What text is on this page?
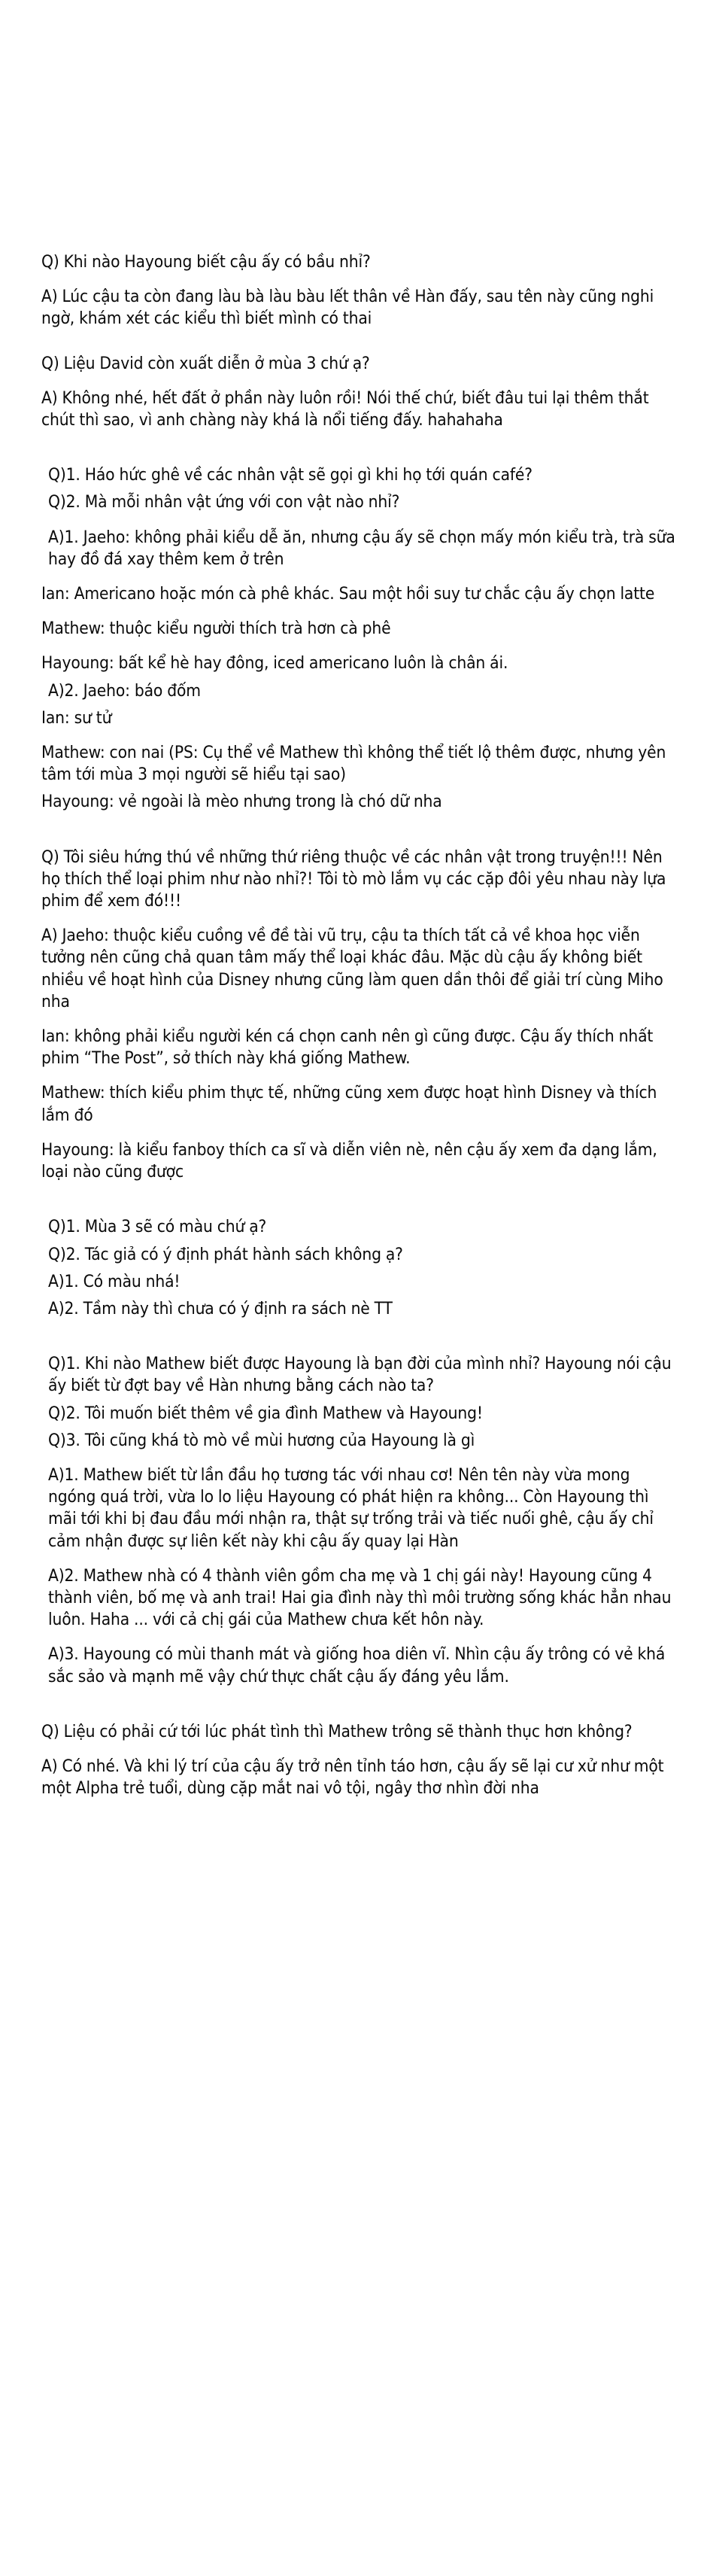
Q) Khi nào Hayoung biết cậu ấy có bầu nhỉ?

A) Lúc cậu ta còn đang làu bà làu bàu lết thân về Hàn đấy, sau tên này cũng nghi ngờ, khám xét các kiểu thì biết mình có thai

Q) Liệu David còn xuất diễn ở mùa 3 chứ ạ?

A) Không nhé, hết đất ở phần này luôn rồi! Nói thế chứ, biết đâu tui lại thêm thắt chút thì sao, vì anh chàng này khá là nổi tiếng đấy. hahahaha

Q)1. Háo hức ghê về các nhân vật sẽ gọi gì khi họ tới quán café?

Q)2. Mà mỗi nhân vật ứng với con vật nào nhỉ?

A)1. Jaeho: không phải kiểu dễ ăn, nhưng cậu ấy sẽ chọn mấy món kiểu trà, trà sữa hay đồ đá xay thêm kem ở trên

Ian: Americano hoặc món cà phê khác. Sau một hồi suy tư chắc cậu ấy chọn latte

Mathew: thuộc kiểu người thích trà hơn cà phê

Hayoung: bất kể hè hay đông, iced americano luôn là chân ái.

A)2. Jaeho: báo đốm

Ian: sư tử

Mathew: con nai (PS: Cụ thể về Mathew thì không thể tiết lộ thêm được, nhưng yên tâm tới mùa 3 mọi người sẽ hiểu tại sao)

Hayoung: vẻ ngoài là mèo nhưng trong là chó dữ nha

Q) Tôi siêu hứng thú về những thứ riêng thuộc về các nhân vật trong truyện!!! Nên họ thích thể loại phim như nào nhỉ?! Tôi tò mò lắm vụ các cặp đôi yêu nhau này lựa phim để xem đó!!!

A) Jaeho: thuộc kiểu cuồng về đề tài vũ trụ, cậu ta thích tất cả về khoa học viễn tưởng nên cũng chả quan tâm mấy thể loại khác đâu. Mặc dù cậu ấy không biết nhiều về hoạt hình của Disney nhưng cũng làm quen dần thôi để giải trí cùng Miho nha

Ian: không phải kiểu người kén cá chọn canh nên gì cũng được. Cậu ấy thích nhất phim “The Post”, sở thích này khá giống Mathew.

Mathew: thích kiểu phim thực tế, những cũng xem được hoạt hình Disney và thích lắm đó

Hayoung: là kiểu fanboy thích ca sĩ và diễn viên nè, nên cậu ấy xem đa dạng lắm, loại nào cũng được

Q)1. Mùa 3 sẽ có màu chứ ạ?

Q)2. Tác giả có ý định phát hành sách không ạ?

A)1. Có màu nhá!

A)2. Tầm này thì chưa có ý định ra sách nè TT

Q)1. Khi nào Mathew biết được Hayoung là bạn đời của mình nhỉ? Hayoung nói cậu ấy biết từ đợt bay về Hàn nhưng bằng cách nào ta?

Q)2. Tôi muốn biết thêm về gia đình Mathew và Hayoung!

Q)3. Tôi cũng khá tò mò về mùi hương của Hayoung là gì

A)1. Mathew biết từ lần đầu họ tương tác với nhau cơ! Nên tên này vừa mong ngóng quá trời, vừa lo lo liệu Hayoung có phát hiện ra không... Còn Hayoung thì mãi tới khi bị đau đầu mới nhận ra, thật sự trống trải và tiếc nuối ghê, cậu ấy chỉ cảm nhận được sự liên kết này khi cậu ấy quay lại Hàn

A)2. Mathew nhà có 4 thành viên gồm cha mẹ và 1 chị gái này! Hayoung cũng 4 thành viên, bố mẹ và anh trai! Hai gia đình này thì môi trường sống khác hẳn nhau luôn. Haha ... với cả chị gái của Mathew chưa kết hôn này.

A)3. Hayoung có mùi thanh mát và giống hoa diên vĩ. Nhìn cậu ấy trông có vẻ khá sắc sảo và mạnh mẽ vậy chứ thực chất cậu ấy đáng yêu lắm.

Q) Liệu có phải cứ tới lúc phát tình thì Mathew trông sẽ thành thục hơn không?

A) Có nhé. Và khi lý trí của cậu ấy trở nên tỉnh táo hơn, cậu ấy sẽ lại cư xử như một một Alpha trẻ tuổi, dùng cặp mắt nai vô tội, ngây thơ nhìn đời nha
